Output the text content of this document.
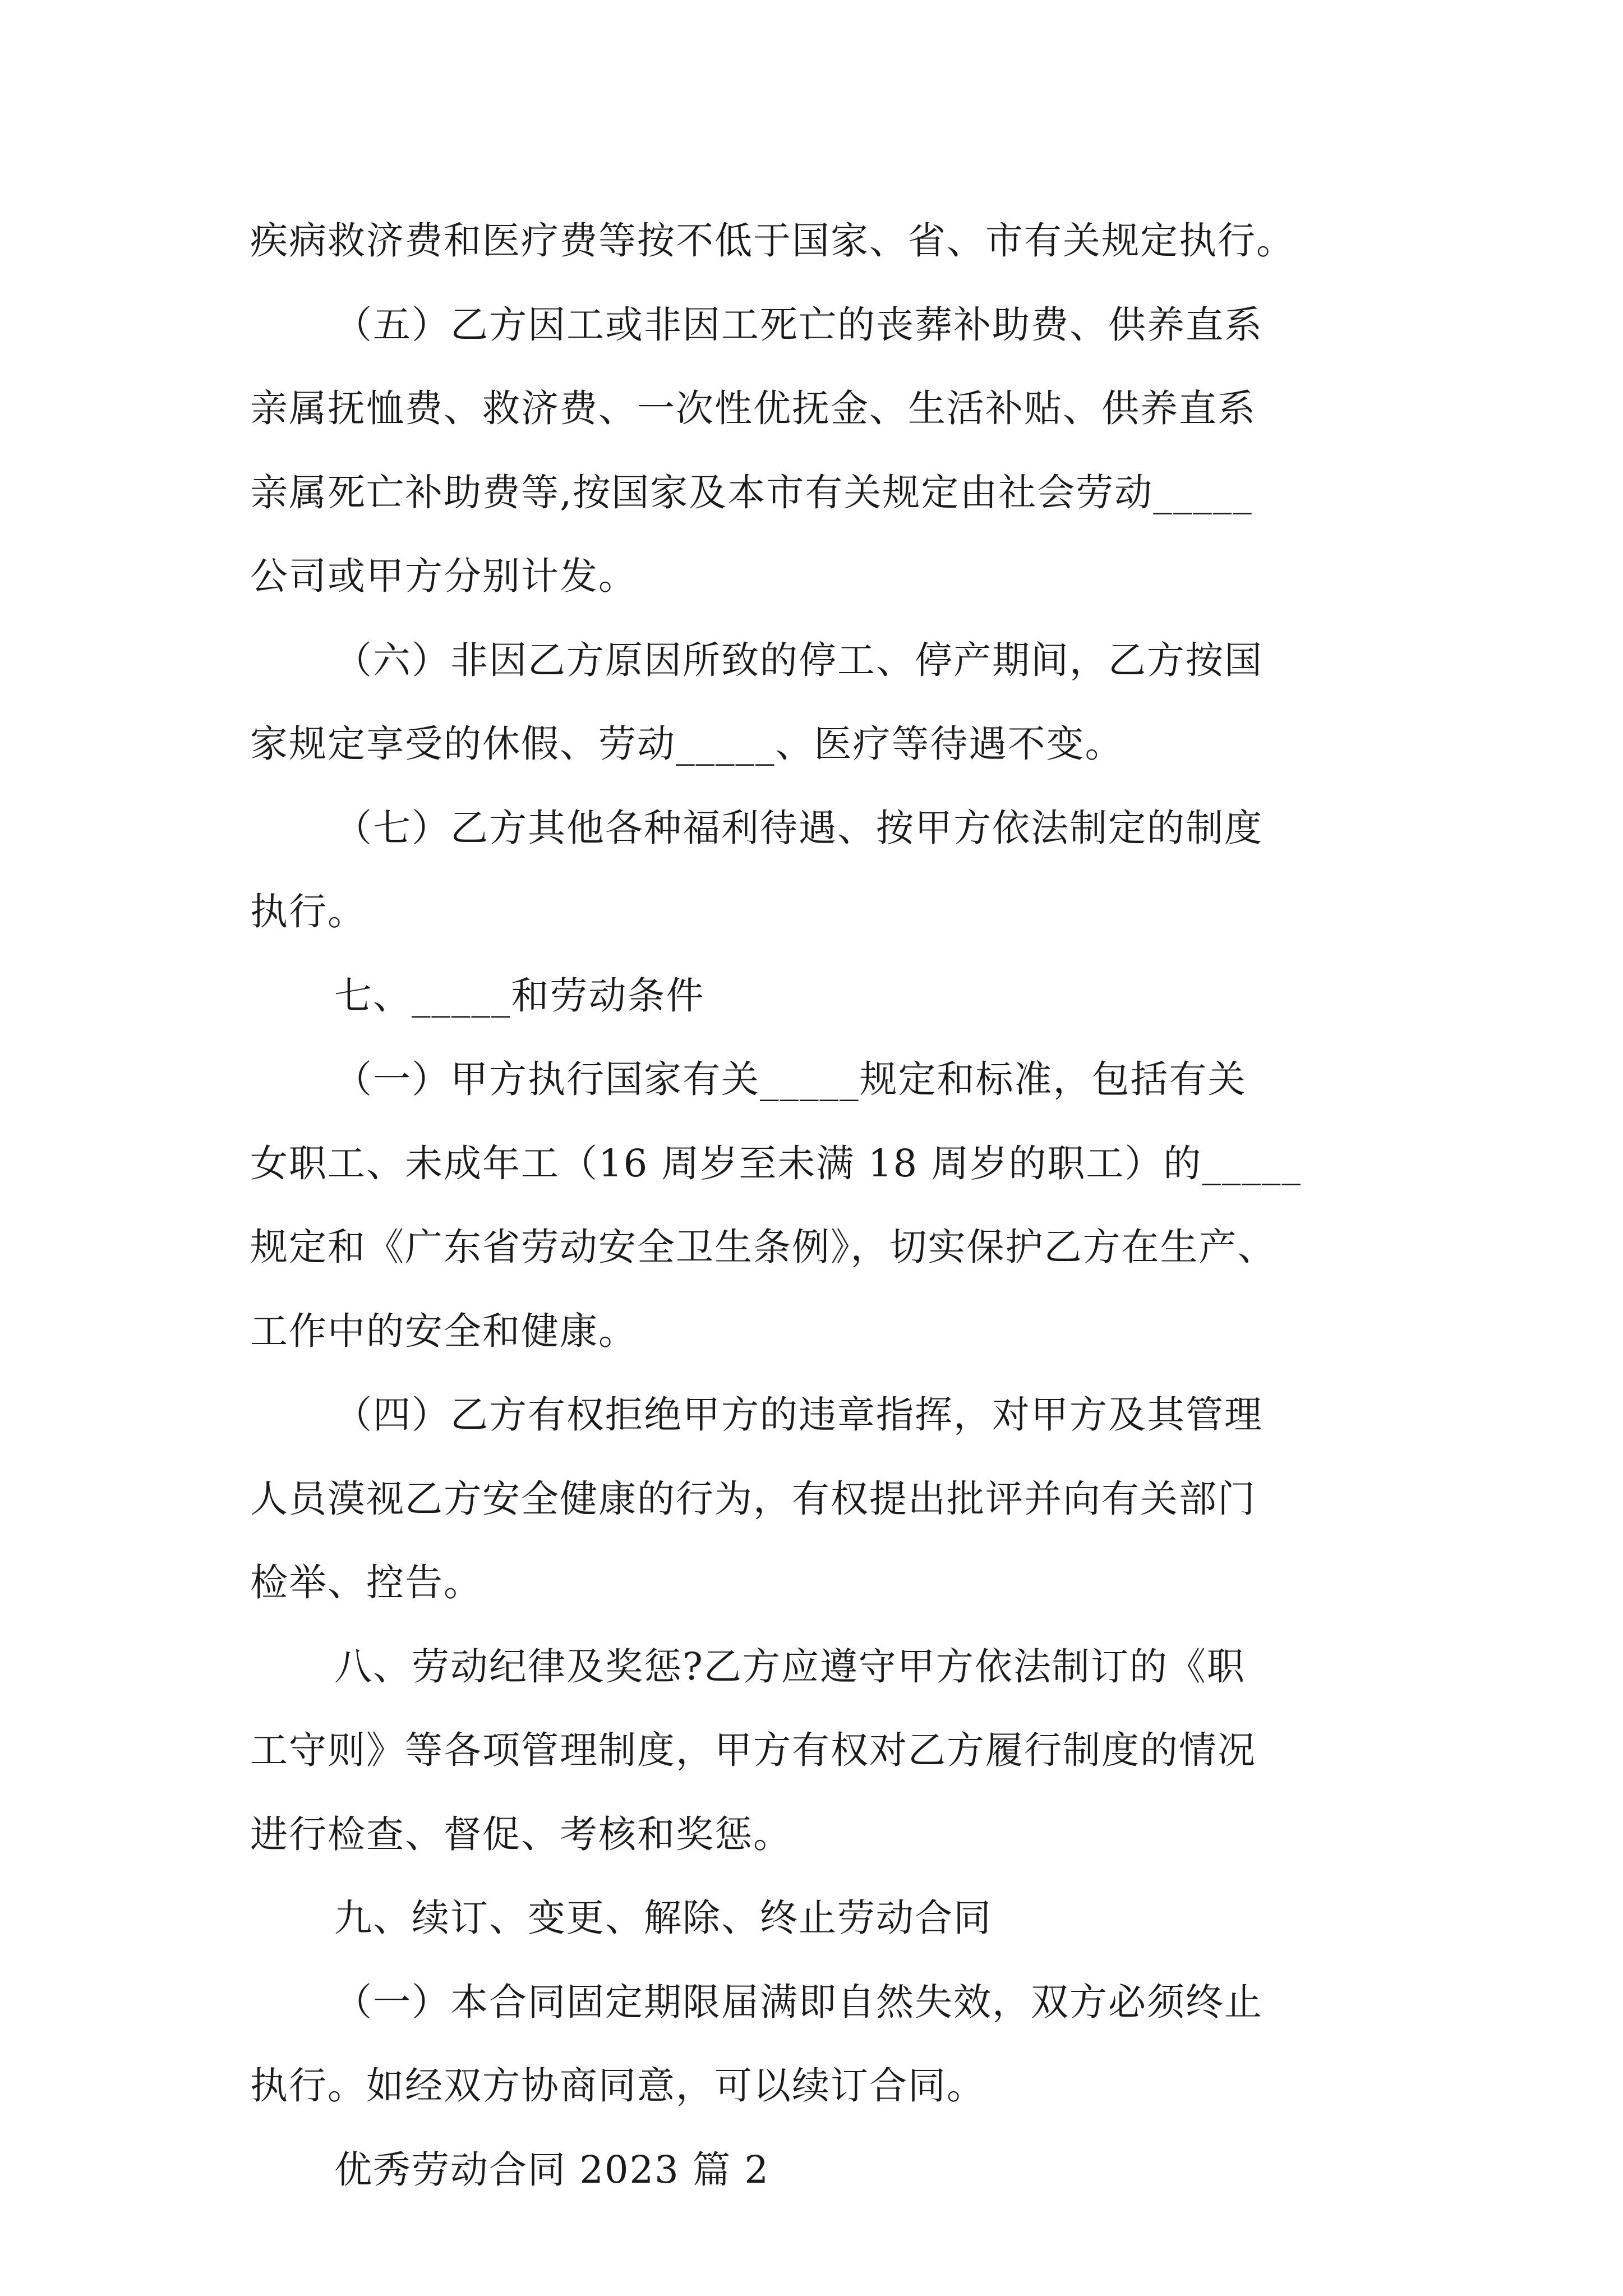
疾病救济费和医疗费等按不低于国家、省、市有关规定执行。
（五）乙方因工或非因工死亡的丧葬补助费、供养直系
亲属抚恤费、救济费、一次性优抚金、生活补贴、供养直系
亲属死亡补助费等,按国家及本市有关规定由社会劳动_____
公司或甲方分别计发。
（六）非因乙方原因所致的停工、停产期间，乙方按国
家规定享受的休假、劳动_____、医疗等待遇不变。
（七）乙方其他各种福利待遇、按甲方依法制定的制度
执行。
七、_____和劳动条件
（一）甲方执行国家有关_____规定和标准，包括有关
女职工、未成年工（16 周岁至未满 18 周岁的职工）的_____
规定和《广东省劳动安全卫生条例》，切实保护乙方在生产、
工作中的安全和健康。
（四）乙方有权拒绝甲方的违章指挥，对甲方及其管理
人员漠视乙方安全健康的行为，有权提出批评并向有关部门
检举、控告。
八、劳动纪律及奖惩?乙方应遵守甲方依法制订的《职
工守则》等各项管理制度，甲方有权对乙方履行制度的情况
进行检查、督促、考核和奖惩。
九、续订、变更、解除、终止劳动合同
（一）本合同固定期限届满即自然失效，双方必须终止
执行。如经双方协商同意，可以续订合同。
优秀劳动合同 2023 篇 2
